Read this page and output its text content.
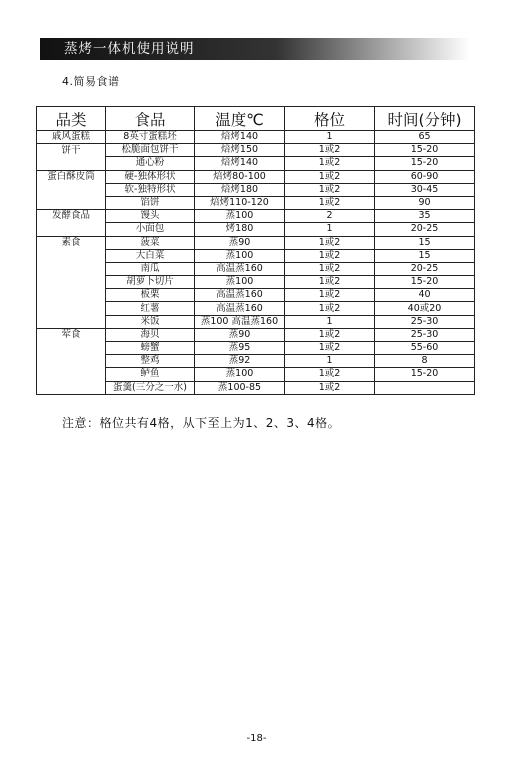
蒸烤一体机使用说明
4.简易食谱
品类	食品	温度℃	格位	时间(分钟)
戚风蛋糕	8英寸蛋糕坯	焙烤140	1	65
饼干	松脆面包饼干	焙烤150	1或2	15-20
	通心粉	焙烤140	1或2	15-20
蛋白酥皮筒	硬-独体形状	焙烤80-100	1或2	60-90
	软-独特形状	焙烤180	1或2	30-45
	馅饼	焙烤110-120	1或2	90
发酵食品	馒头	蒸100	2	35
	小面包	烤180	1	20-25
素食	菠菜	蒸90	1或2	15
	大白菜	蒸100	1或2	15
	南瓜	高温蒸160	1或2	20-25
	胡萝卜切片	蒸100	1或2	15-20
	板栗	高温蒸160	1或2	40
	红薯	高温蒸160	1或2	40或20
	米饭	蒸100 高温蒸160	1	25-30
荤食	海贝	蒸90	1或2	25-30
	螃蟹	蒸95	1或2	55-60
	整鸡	蒸92	1	8
	鲈鱼	蒸100	1或2	15-20
	蛋羹(三分之一水)	蒸100-85	1或2	
注意：格位共有4格，从下至上为1、2、3、4格。
-18-
